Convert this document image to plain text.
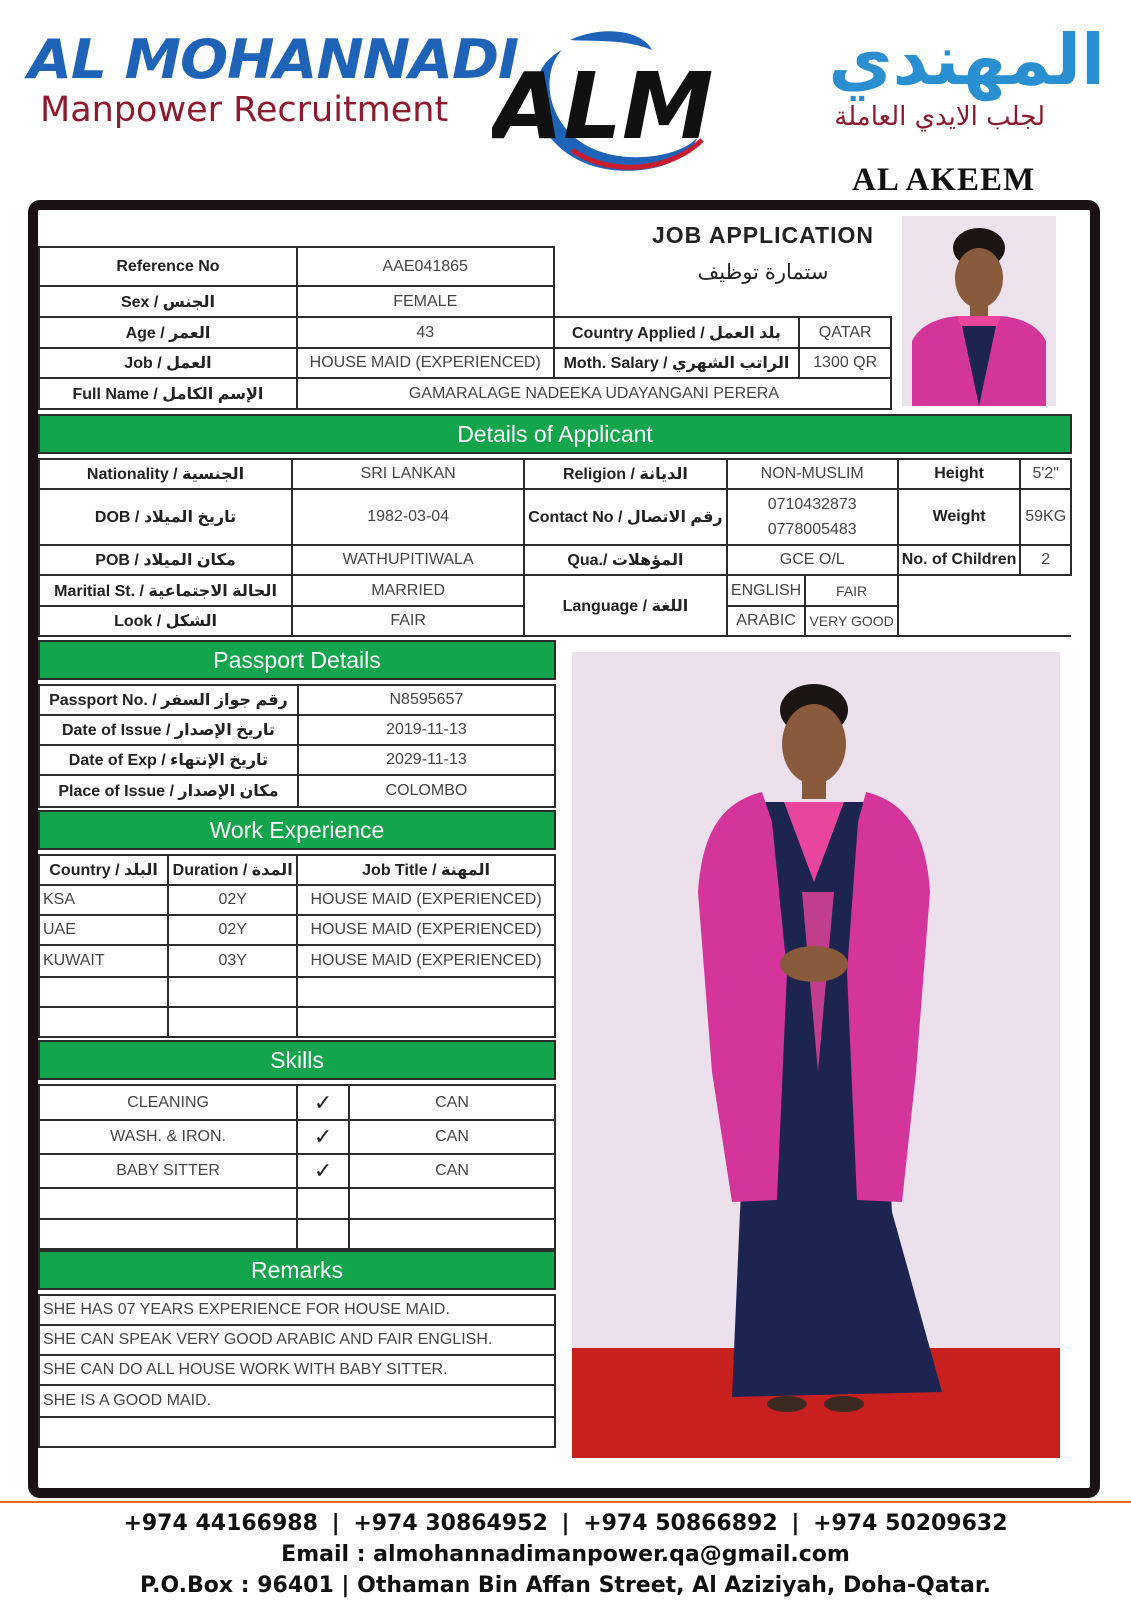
AL MOHANNADI
Manpower Recruitment ALM	المهندي
لجلب الايدي العاملة
AL AKEEM
JOB APPLICATION
ستمارة توظيف
Reference No	AAE041865		
Sex / الجنس	FEMALE		
Age / العمر	43	Country Applied / بلد العمل	QATAR
Job / العمل	HOUSE MAID (EXPERIENCED)	Moth. Salary / الراتب الشهري	1300 QR
Full Name / الإسم الكامل	GAMARALAGE NADEEKA UDAYANGANI PERERA		
Details of Applicant
Nationality / الجنسية	SRI LANKAN	Religion / الديانة	NON-MUSLIM		Height	5'2"
DOB / تاريخ الميلاد	1982-03-04	Contact No / رقم الاتصال	0710432873
0778005483		Weight	59KG
POB / مكان الميلاد	WATHUPITIWALA	Qua./ المؤهلات	GCE O/L		No. of Children	2
Maritial St. / الحالة الاجتماعية	MARRIED	Language / اللغة	ENGLISH	FAIR		
Look / الشكل	FAIR		ARABIC	VERY GOOD		
Passport Details
Passport No. / رقم جواز السفر	N8595657
Date of Issue / تاريخ الإصدار	2019-11-13
Date of Exp / تاريخ الإنتهاء	2029-11-13
Place of Issue / مكان الإصدار	COLOMBO
Work Experience
Country / البلد	Duration / المدة	Job Title / المهنة
KSA	02Y	HOUSE MAID (EXPERIENCED)
UAE	02Y	HOUSE MAID (EXPERIENCED)
KUWAIT	03Y	HOUSE MAID (EXPERIENCED)

Skills
CLEANING	✓	CAN
WASH. & IRON.	✓	CAN
BABY SITTER	✓	CAN

Remarks
SHE HAS 07 YEARS EXPERIENCE FOR HOUSE MAID.
SHE CAN SPEAK VERY GOOD ARABIC AND FAIR ENGLISH.
SHE CAN DO ALL HOUSE WORK WITH BABY SITTER.
SHE IS A GOOD MAID.

+974 44166988 | +974 30864952 | +974 50866892 | +974 50209632
Email : almohannadimanpower.qa@gmail.com
P.O.Box : 96401 | Othaman Bin Affan Street, Al Aziziyah, Doha-Qatar.
